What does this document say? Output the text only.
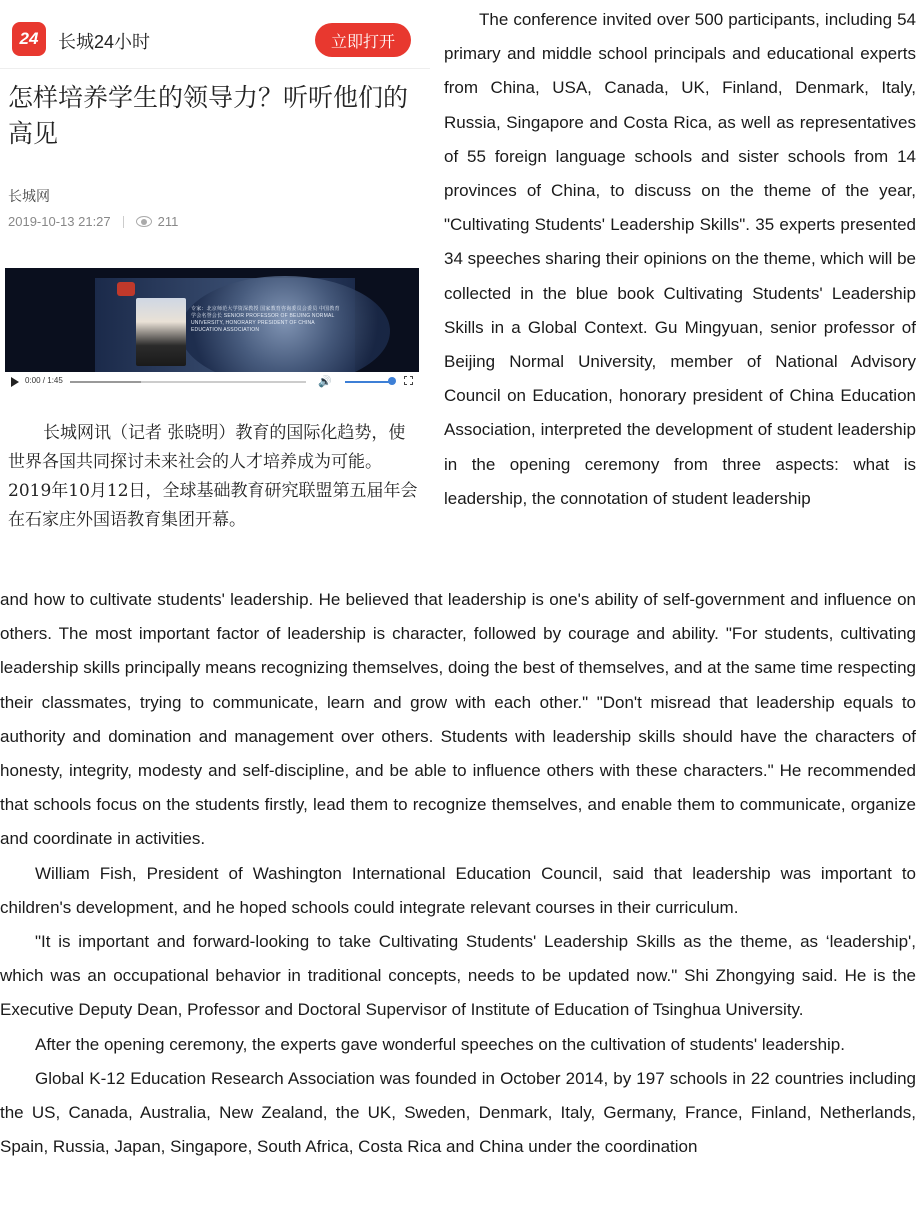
24	长城24小时	立即打开
怎样培养学生的领导力？听听他们的高见
长城网
2019-10-13 21:27	211
专家：北京师范大学资深教授 国家教育咨询委员会委员 中国教育学会名誉会长 SENIOR PROFESSOR OF BEIJING NORMAL UNIVERSITY, HONORARY PRESIDENT OF CHINA EDUCATION ASSOCIATION
0:00 / 1:45	🔊

长城网讯（记者 张晓明）教育的国际化趋势，使世界各国共同探讨未来社会的人才培养成为可能。2019年10月12日，全球基础教育研究联盟第五届年会在石家庄外国语教育集团开幕。

The conference invited over 500 participants, including 54 primary and middle school principals and educational experts from China, USA, Canada, UK, Finland, Denmark, Italy, Russia, Singapore and Costa Rica, as well as representatives of 55 foreign language schools and sister schools from 14 provinces of China, to discuss on the theme of the year, "Cultivating Students' Leadership Skills". 35 experts presented 34 speeches sharing their opinions on the theme, which will be collected in the blue book Cultivating Students' Leadership Skills in a Global Context. Gu Mingyuan, senior professor of Beijing Normal University, member of National Advisory Council on Education, honorary president of China Education Association, interpreted the development of student leadership in the opening ceremony from three aspects: what is leadership, the connotation of student leadership

and how to cultivate students' leadership. He believed that leadership is one's ability of self-government and influence on others. The most important factor of leadership is character, followed by courage and ability. "For students, cultivating leadership skills principally means recognizing themselves, doing the best of themselves, and at the same time respecting their classmates, trying to communicate, learn and grow with each other." "Don't misread that leadership equals to authority and domination and management over others. Students with leadership skills should have the characters of honesty, integrity, modesty and self-discipline, and be able to influence others with these characters." He recommended that schools focus on the students firstly, lead them to recognize themselves, and enable them to communicate, organize and coordinate in activities.

William Fish, President of Washington International Education Council, said that leadership was important to children's development, and he hoped schools could integrate relevant courses in their curriculum.

"It is important and forward-looking to take Cultivating Students' Leadership Skills as the theme, as ‘leadership', which was an occupational behavior in traditional concepts, needs to be updated now." Shi Zhongying said. He is the Executive Deputy Dean, Professor and Doctoral Supervisor of Institute of Education of Tsinghua University.

After the opening ceremony, the experts gave wonderful speeches on the cultivation of students' leadership.

Global K-12 Education Research Association was founded in October 2014, by 197 schools in 22 countries including the US, Canada, Australia, New Zealand, the UK, Sweden, Denmark, Italy, Germany, France, Finland, Netherlands, Spain, Russia, Japan, Singapore, South Africa, Costa Rica and China under the coordination
